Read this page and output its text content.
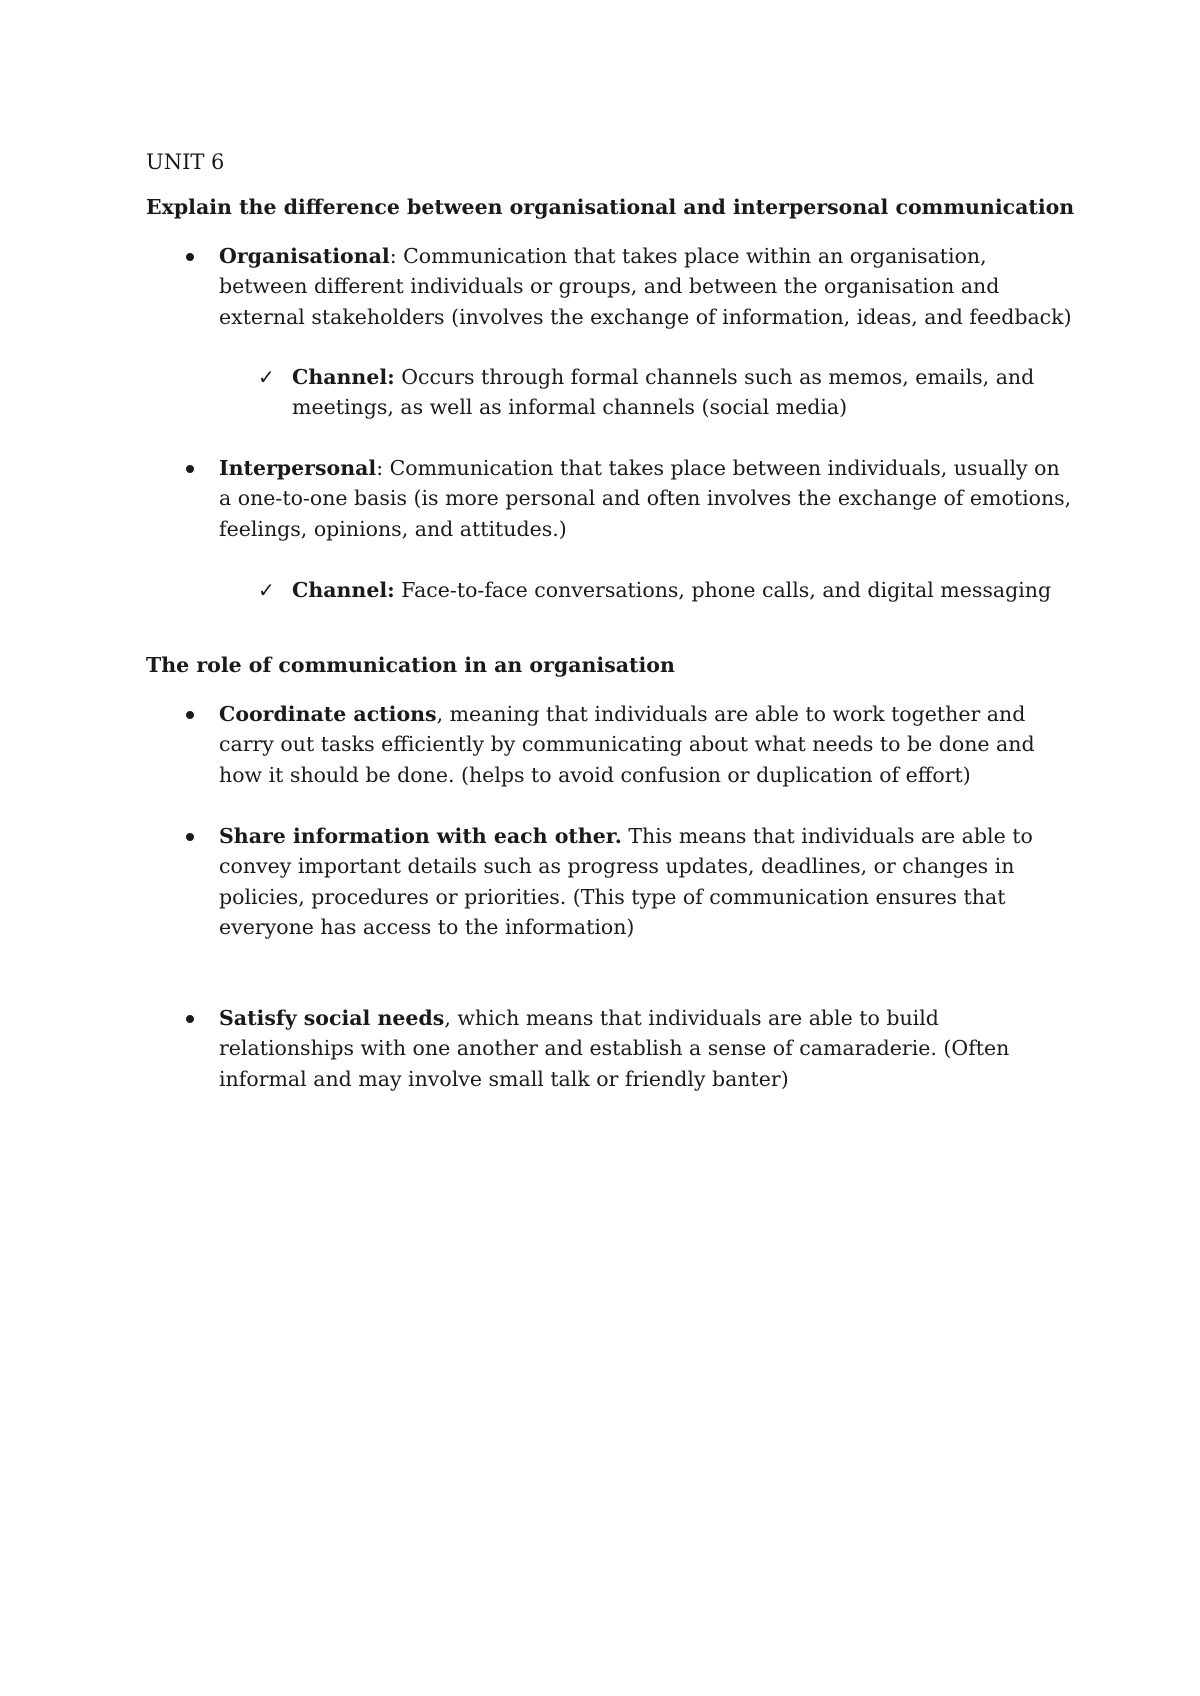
UNIT 6

Explain the difference between organisational and interpersonal communication

Organisational: Communication that takes place within an organisation, between different individuals or groups, and between the organisation and external stakeholders (involves the exchange of information, ideas, and feedback)
✓ Channel: Occurs through formal channels such as memos, emails, and meetings, as well as informal channels (social media)
Interpersonal: Communication that takes place between individuals, usually on a one-to-one basis (is more personal and often involves the exchange of emotions, feelings, opinions, and attitudes.)
✓ Channel: Face-to-face conversations, phone calls, and digital messaging

The role of communication in an organisation

Coordinate actions, meaning that individuals are able to work together and carry out tasks efficiently by communicating about what needs to be done and how it should be done. (helps to avoid confusion or duplication of effort)
Share information with each other. This means that individuals are able to convey important details such as progress updates, deadlines, or changes in policies, procedures or priorities. (This type of communication ensures that everyone has access to the information)
Satisfy social needs, which means that individuals are able to build relationships with one another and establish a sense of camaraderie. (Often informal and may involve small talk or friendly banter)
